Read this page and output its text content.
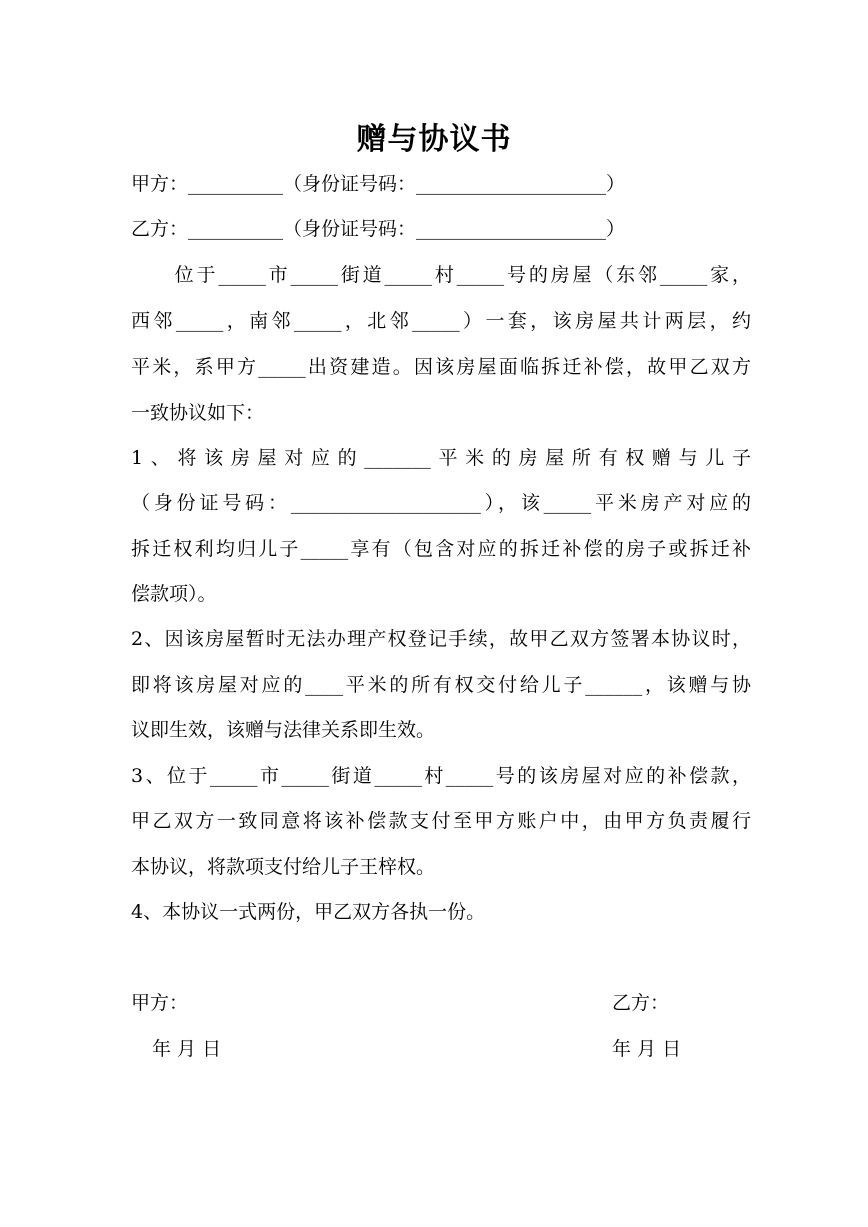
赠与协议书
甲方：__________（身份证号码：____________________）
乙方：__________（身份证号码：____________________）
　　位于_____市_____街道_____村_____号的房屋（东邻_____家，
西邻_____，南邻_____，北邻_____）一套，该房屋共计两层，约
平米，系甲方_____出资建造。因该房屋面临拆迁补偿，故甲乙双方
一致协议如下：
1、将该房屋对应的_______平米的房屋所有权赠与儿子
（身份证号码：____________________），该_____平米房产对应的
拆迁权利均归儿子_____享有（包含对应的拆迁补偿的房子或拆迁补
偿款项）。
2、因该房屋暂时无法办理产权登记手续，故甲乙双方签署本协议时，
即将该房屋对应的____平米的所有权交付给儿子______，该赠与协
议即生效，该赠与法律关系即生效。
3、位于_____市_____街道_____村_____号的该房屋对应的补偿款，
甲乙双方一致同意将该补偿款支付至甲方账户中，由甲方负责履行
本协议，将款项支付给儿子王梓权。
4、本协议一式两份，甲乙双方各执一份。
甲方：	乙方：
年 月 日	年 月 日
